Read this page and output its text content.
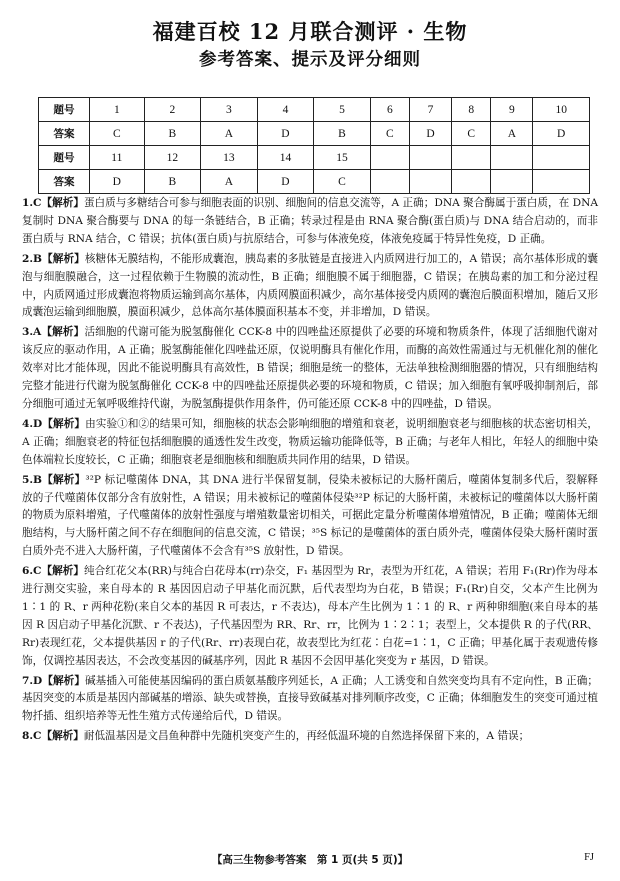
福建百校 12 月联合测评 · 生物
参考答案、提示及评分细则
题号	1	2	3	4	5	6	7	8	9	10
答案	C	B	A	D	B	C	D	C	A	D
题号	11	12	13	14	15					
答案	D	B	A	D	C					
1.C【解析】蛋白质与多糖结合可参与细胞表面的识别、细胞间的信息交流等，A 正确；DNA 聚合酶属于蛋白质，在 DNA 复制时 DNA 聚合酶要与 DNA 的每一条链结合，B 正确；转录过程是由 RNA 聚合酶(蛋白质)与 DNA 结合启动的，而非蛋白质与 RNA 结合，C 错误；抗体(蛋白质)与抗原结合，可参与体液免疫，体液免疫属于特异性免疫，D 正确。
2.B【解析】核糖体无膜结构，不能形成囊泡，胰岛素的多肽链是直接进入内质网进行加工的，A 错误；高尔基体形成的囊泡与细胞膜融合，这一过程依赖于生物膜的流动性，B 正确；细胞膜不属于细胞器，C 错误；在胰岛素的加工和分泌过程中，内质网通过形成囊泡将物质运输到高尔基体，内质网膜面积减少，高尔基体接受内质网的囊泡后膜面积增加，随后又形成囊泡运输到细胞膜，膜面积减少，总体高尔基体膜面积基本不变，并非增加，D 错误。
3.A【解析】活细胞的代谢可能为脱氢酶催化 CCK-8 中的四唑盐还原提供了必要的环境和物质条件，体现了活细胞代谢对该反应的驱动作用，A 正确；脱氢酶能催化四唑盐还原，仅说明酶具有催化作用，而酶的高效性需通过与无机催化剂的催化效率对比才能体现，因此不能说明酶具有高效性，B 错误；细胞是统一的整体，无法单独检测细胞器的情况，只有细胞结构完整才能进行代谢为脱氢酶催化 CCK-8 中的四唑盐还原提供必要的环境和物质，C 错误；加入细胞有氧呼吸抑制剂后，部分细胞可通过无氧呼吸维持代谢，为脱氢酶提供作用条件，仍可能还原 CCK-8 中的四唑盐，D 错误。
4.D【解析】由实验①和②的结果可知，细胞核的状态会影响细胞的增殖和衰老，说明细胞衰老与细胞核的状态密切相关，A 正确；细胞衰老的特征包括细胞膜的通透性发生改变，物质运输功能降低等，B 正确；与老年人相比，年轻人的细胞中染色体端粒长度较长，C 正确；细胞衰老是细胞核和细胞质共同作用的结果，D 错误。
5.B【解析】³²P 标记噬菌体 DNA，其 DNA 进行半保留复制，侵染未被标记的大肠杆菌后，噬菌体复制多代后，裂解释放的子代噬菌体仅部分含有放射性，A 错误；用未被标记的噬菌体侵染³²P 标记的大肠杆菌，未被标记的噬菌体以大肠杆菌的物质为原料增殖，子代噬菌体的放射性强度与增殖数量密切相关，可据此定量分析噬菌体增殖情况，B 正确；噬菌体无细胞结构，与大肠杆菌之间不存在细胞间的信息交流，C 错误；³⁵S 标记的是噬菌体的蛋白质外壳，噬菌体侵染大肠杆菌时蛋白质外壳不进入大肠杆菌，子代噬菌体不会含有³⁵S 放射性，D 错误。
6.C【解析】纯合红花父本(RR)与纯合白花母本(rr)杂交，F₁ 基因型为 Rr，表型为开红花，A 错误；若用 F₁(Rr)作为母本进行测交实验，来自母本的 R 基因因启动子甲基化而沉默，后代表型均为白花，B 错误；F₁(Rr)自交，父本产生比例为 1∶1 的 R、r 两种花粉(来自父本的基因 R 可表达，r 不表达)，母本产生比例为 1∶1 的 R、r 两种卵细胞(来自母本的基因 R 因启动子甲基化沉默、r 不表达)，子代基因型为 RR、Rr、rr，比例为 1∶2∶1；表型上，父本提供 R 的子代(RR、Rr)表现红花，父本提供基因 r 的子代(Rr、rr)表现白花，故表型比为红花∶白花=1∶1，C 正确；甲基化属于表观遗传修饰，仅调控基因表达，不会改变基因的碱基序列，因此 R 基因不会因甲基化突变为 r 基因，D 错误。
7.D【解析】碱基插入可能使基因编码的蛋白质氨基酸序列延长，A 正确；人工诱变和自然突变均具有不定向性，B 正确；基因突变的本质是基因内部碱基的增添、缺失或替换，直接导致碱基对排列顺序改变，C 正确；体细胞发生的突变可通过植物扦插、组织培养等无性生殖方式传递给后代，D 错误。
8.C【解析】耐低温基因是文昌鱼种群中先随机突变产生的，再经低温环境的自然选择保留下来的，A 错误；
【高三生物参考答案　第 1 页(共 5 页)】	FJ
